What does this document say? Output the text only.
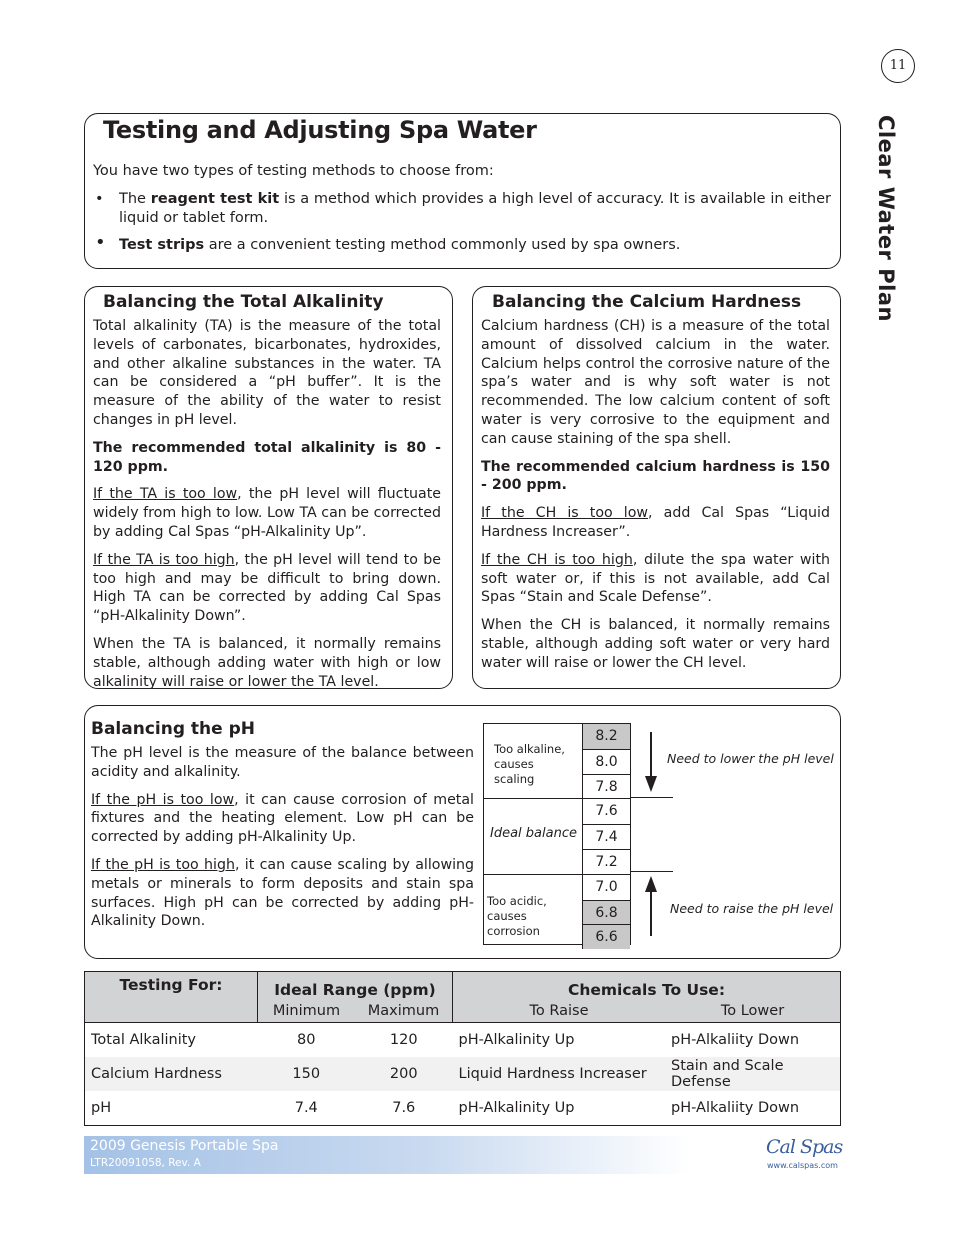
11
Clear Water Plan
Testing and Adjusting Spa Water

You have two types of testing methods to choose from:

• The reagent test kit is a method which provides a high level of accuracy. It is available in either liquid or tablet form.
• Test strips are a convenient testing method commonly used by spa owners.
Balancing the Total Alkalinity

Total alkalinity (TA) is the measure of the total levels of carbonates, bicarbonates, hydroxides, and other alkaline substances in the water. TA can be considered a “pH buffer”. It is the measure of the ability of the water to resist changes in pH level.

The recommended total alkalinity is 80 - 120 ppm.

If the TA is too low, the pH level will fluctuate widely from high to low. Low TA can be corrected by adding Cal Spas “pH-Alkalinity Up”.

If the TA is too high, the pH level will tend to be too high and may be difficult to bring down. High TA can be corrected by adding Cal Spas “pH-Alkalinity Down”.

When the TA is balanced, it normally remains stable, although adding water with high or low alkalinity will raise or lower the TA level.

Balancing the Calcium Hardness

Calcium hardness (CH) is a measure of the total amount of dissolved calcium in the water. Calcium helps control the corrosive nature of the spa’s water and is why soft water is not recommended. The low calcium content of soft water is very corrosive to the equipment and can cause staining of the spa shell.

The recommended calcium hardness is 150 - 200 ppm.

If the CH is too low, add Cal Spas “Liquid Hardness Increaser”.

If the CH is too high, dilute the spa water with soft water or, if this is not available, add Cal Spas “Stain and Scale Defense”.

When the CH is balanced, it normally remains stable, although adding soft water or very hard water will raise or lower the CH level.

Balancing the pH

The pH level is the measure of the balance between acidity and alkalinity.

If the pH is too low, it can cause corrosion of metal fixtures and the heating element. Low pH can be corrected by adding pH-Alkalinity Up.

If the pH is too high, it can cause scaling by allowing metals or minerals to form deposits and stain spa surfaces. High pH can be corrected by adding pH-Alkalinity Down.

8.2
8.0
7.8
7.6
7.4
7.2
7.0
6.8
6.6
Too alkaline, causes scaling
Ideal balance
Too acidic, causes corrosion
Need to lower the pH level
Need to raise the pH level
Testing For:	Ideal Range (ppm)		Chemicals To Use:	
	Minimum	Maximum	To Raise	To Lower
Total Alkalinity	80	120	pH-Alkalinity Up	pH-Alkaliity Down
Calcium Hardness	150	200	Liquid Hardness Increaser	Stain and Scale Defense
pH	7.4	7.6	pH-Alkalinity Up	pH-Alkaliity Down
2009 Genesis Portable Spa
LTR20091058, Rev. A
Cal Spas
www.calspas.com
